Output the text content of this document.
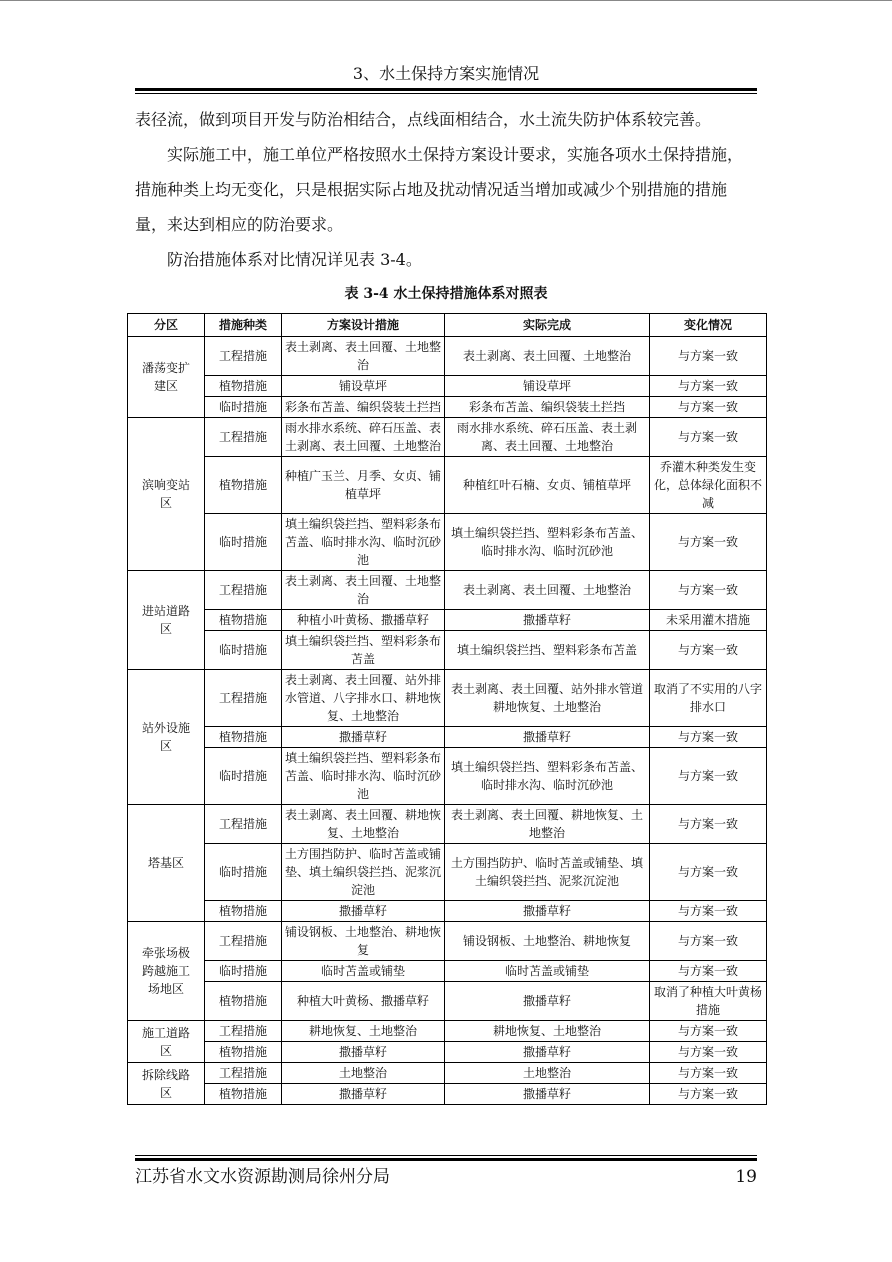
3、水土保持方案实施情况

表径流，做到项目开发与防治相结合，点线面相结合，水土流失防护体系较完善。

实际施工中，施工单位严格按照水土保持方案设计要求，实施各项水土保持措施，措施种类上均无变化，只是根据实际占地及扰动情况适当增加或减少个别措施的措施量，来达到相应的防治要求。

防治措施体系对比情况详见表 3-4。

表 3-4 水土保持措施体系对照表
分区	措施种类	方案设计措施	实际完成	变化情况
潘荡变扩建区	工程措施	表土剥离、表土回覆、土地整治	表土剥离、表土回覆、土地整治	与方案一致
	植物措施	铺设草坪	铺设草坪	与方案一致
	临时措施	彩条布苫盖、编织袋装土拦挡	彩条布苫盖、编织袋装土拦挡	与方案一致
滨响变站区	工程措施	雨水排水系统、碎石压盖、表土剥离、表土回覆、土地整治	雨水排水系统、碎石压盖、表土剥离、表土回覆、土地整治	与方案一致
	植物措施	种植广玉兰、月季、女贞、铺植草坪	种植红叶石楠、女贞、铺植草坪	乔灌木种类发生变化，总体绿化面积不减
	临时措施	填土编织袋拦挡、塑料彩条布苫盖、临时排水沟、临时沉砂池	填土编织袋拦挡、塑料彩条布苫盖、临时排水沟、临时沉砂池	与方案一致
进站道路区	工程措施	表土剥离、表土回覆、土地整治	表土剥离、表土回覆、土地整治	与方案一致
	植物措施	种植小叶黄杨、撒播草籽	撒播草籽	未采用灌木措施
	临时措施	填土编织袋拦挡、塑料彩条布苫盖	填土编织袋拦挡、塑料彩条布苫盖	与方案一致
站外设施区	工程措施	表土剥离、表土回覆、站外排水管道、八字排水口、耕地恢复、土地整治	表土剥离、表土回覆、站外排水管道耕地恢复、土地整治	取消了不实用的八字排水口
	植物措施	撒播草籽	撒播草籽	与方案一致
	临时措施	填土编织袋拦挡、塑料彩条布苫盖、临时排水沟、临时沉砂池	填土编织袋拦挡、塑料彩条布苫盖、临时排水沟、临时沉砂池	与方案一致
塔基区	工程措施	表土剥离、表土回覆、耕地恢复、土地整治	表土剥离、表土回覆、耕地恢复、土地整治	与方案一致
	临时措施	土方围挡防护、临时苫盖或铺垫、填土编织袋拦挡、泥浆沉淀池	土方围挡防护、临时苫盖或铺垫、填土编织袋拦挡、泥浆沉淀池	与方案一致
	植物措施	撒播草籽	撒播草籽	与方案一致
牵张场极跨越施工场地区	工程措施	铺设钢板、土地整治、耕地恢复	铺设钢板、土地整治、耕地恢复	与方案一致
	临时措施	临时苫盖或铺垫	临时苫盖或铺垫	与方案一致
	植物措施	种植大叶黄杨、撒播草籽	撒播草籽	取消了种植大叶黄杨措施
施工道路区	工程措施	耕地恢复、土地整治	耕地恢复、土地整治	与方案一致
	植物措施	撒播草籽	撒播草籽	与方案一致
拆除线路区	工程措施	土地整治	土地整治	与方案一致
	植物措施	撒播草籽	撒播草籽	与方案一致
江苏省水文水资源勘测局徐州分局	19
